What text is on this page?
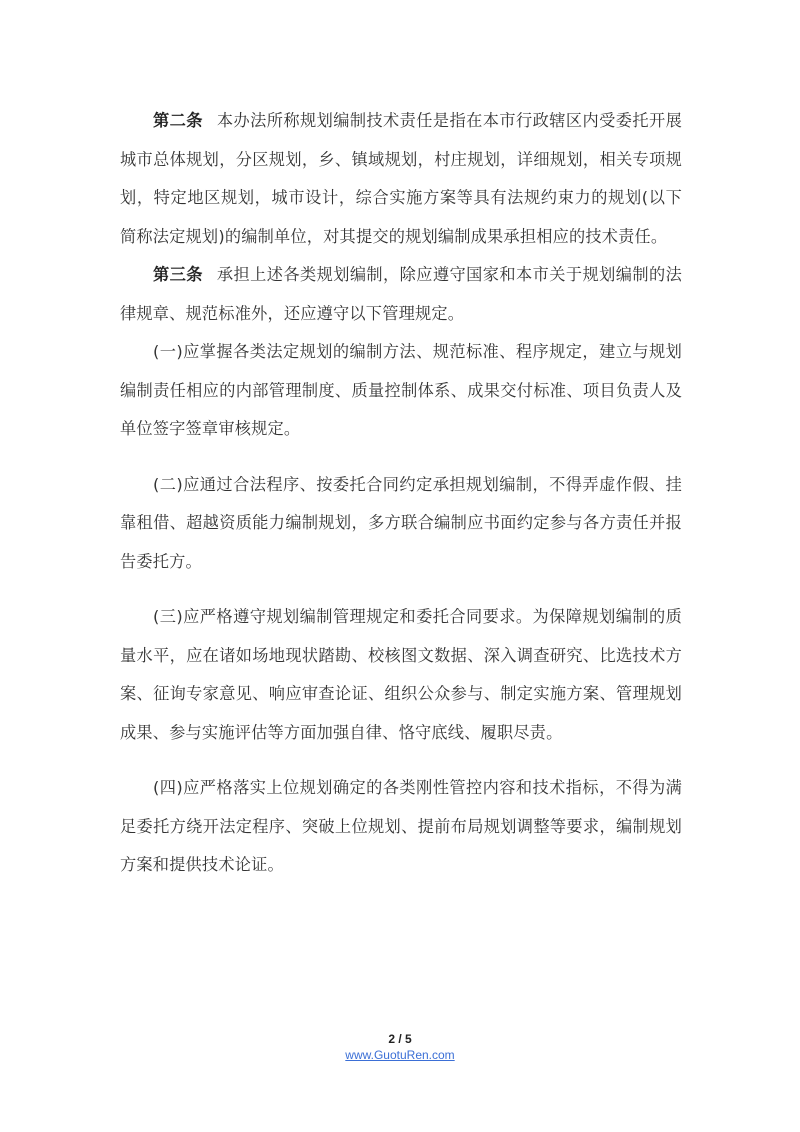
第二条 本办法所称规划编制技术责任是指在本市行政辖区内受委托开展城市总体规划，分区规划，乡、镇域规划，村庄规划，详细规划，相关专项规划，特定地区规划，城市设计，综合实施方案等具有法规约束力的规划(以下简称法定规划)的编制单位，对其提交的规划编制成果承担相应的技术责任。

第三条 承担上述各类规划编制，除应遵守国家和本市关于规划编制的法律规章、规范标准外，还应遵守以下管理规定。

(一)应掌握各类法定规划的编制方法、规范标准、程序规定，建立与规划编制责任相应的内部管理制度、质量控制体系、成果交付标准、项目负责人及单位签字签章审核规定。

(二)应通过合法程序、按委托合同约定承担规划编制，不得弄虚作假、挂靠租借、超越资质能力编制规划，多方联合编制应书面约定参与各方责任并报告委托方。

(三)应严格遵守规划编制管理规定和委托合同要求。为保障规划编制的质量水平，应在诸如场地现状踏勘、校核图文数据、深入调查研究、比选技术方案、征询专家意见、响应审查论证、组织公众参与、制定实施方案、管理规划成果、参与实施评估等方面加强自律、恪守底线、履职尽责。

(四)应严格落实上位规划确定的各类刚性管控内容和技术指标，不得为满足委托方绕开法定程序、突破上位规划、提前布局规划调整等要求，编制规划方案和提供技术论证。

2 / 5
www.GuotuRen.com
